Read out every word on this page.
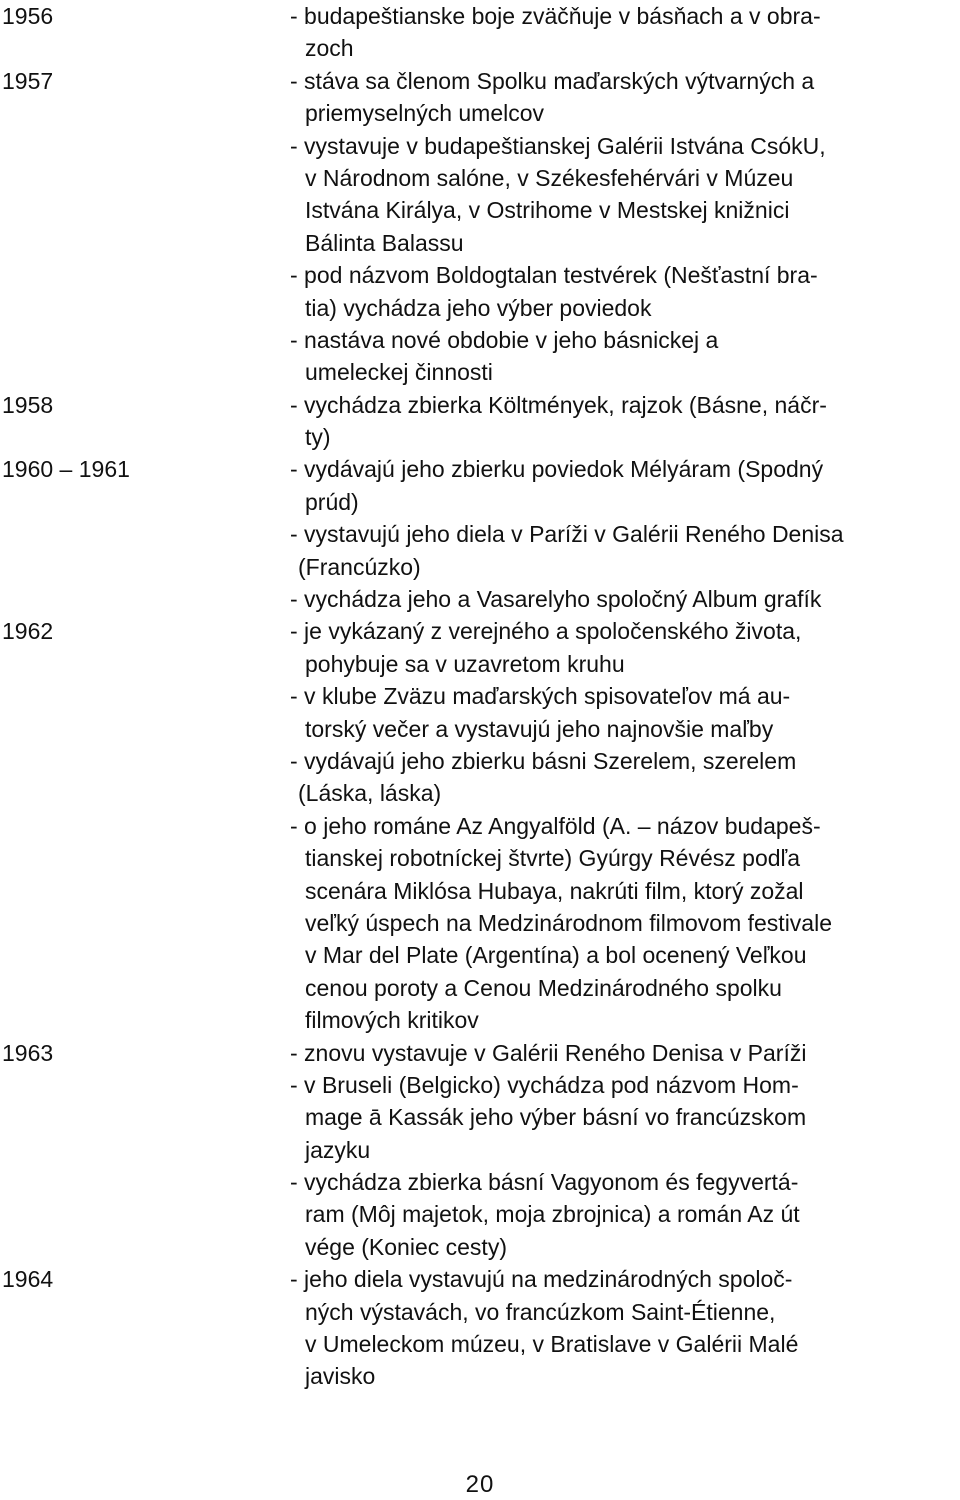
1956	- budapeštianske boje zväčňuje v básňach a v obra-
zoch
1957	- stáva sa členom Spolku maďarských výtvarných a
priemyselných umelcov
- vystavuje v budapeštianskej Galérii Istvána CsókU,
v Národnom salóne, v Székesfehérvári v Múzeu
Istvána Királya, v Ostrihome v Mestskej knižnici
Bálinta Balassu
- pod názvom Boldogtalan testvérek (Nešťastní bra-
tia) vychádza jeho výber poviedok
- nastáva nové obdobie v jeho básnickej a
umeleckej činnosti
1958	- vychádza zbierka Költmények, rajzok (Básne, náčr-
ty)
1960 – 1961	- vydávajú jeho zbierku poviedok Mélyáram (Spodný
prúd)
- vystavujú jeho diela v Paríži v Galérii Reného Denisa
(Francúzko)
- vychádza jeho a Vasarelyho spoločný Album grafík
1962	- je vykázaný z verejného a spoločenského života,
pohybuje sa v uzavretom kruhu
- v klube Zväzu maďarských spisovateľov má au-
torský večer a vystavujú jeho najnovšie maľby
- vydávajú jeho zbierku básni Szerelem, szerelem
(Láska, láska)
- o jeho románe Az Angyalföld (A. – názov budapeš-
tianskej robotníckej štvrte) Gyúrgy Révész podľa
scenára Miklósa Hubaya, nakrúti film, ktorý zožal
veľký úspech na Medzinárodnom filmovom festivale
v Mar del Plate (Argentína) a bol ocenený Veľkou
cenou poroty a Cenou Medzinárodného spolku
filmových kritikov
1963	- znovu vystavuje v Galérii Reného Denisa v Paríži
- v Bruseli (Belgicko) vychádza pod názvom Hom-
mage ā Kassák jeho výber básní vo francúzskom
jazyku
- vychádza zbierka básní Vagyonom és fegyvertá-
ram (Môj majetok, moja zbrojnica) a román Az út
vége (Koniec cesty)
1964	- jeho diela vystavujú na medzinárodných spoloč-
ných výstavách, vo francúzkom Saint-Étienne,
v Umeleckom múzeu, v Bratislave v Galérii Malé
javisko
20
